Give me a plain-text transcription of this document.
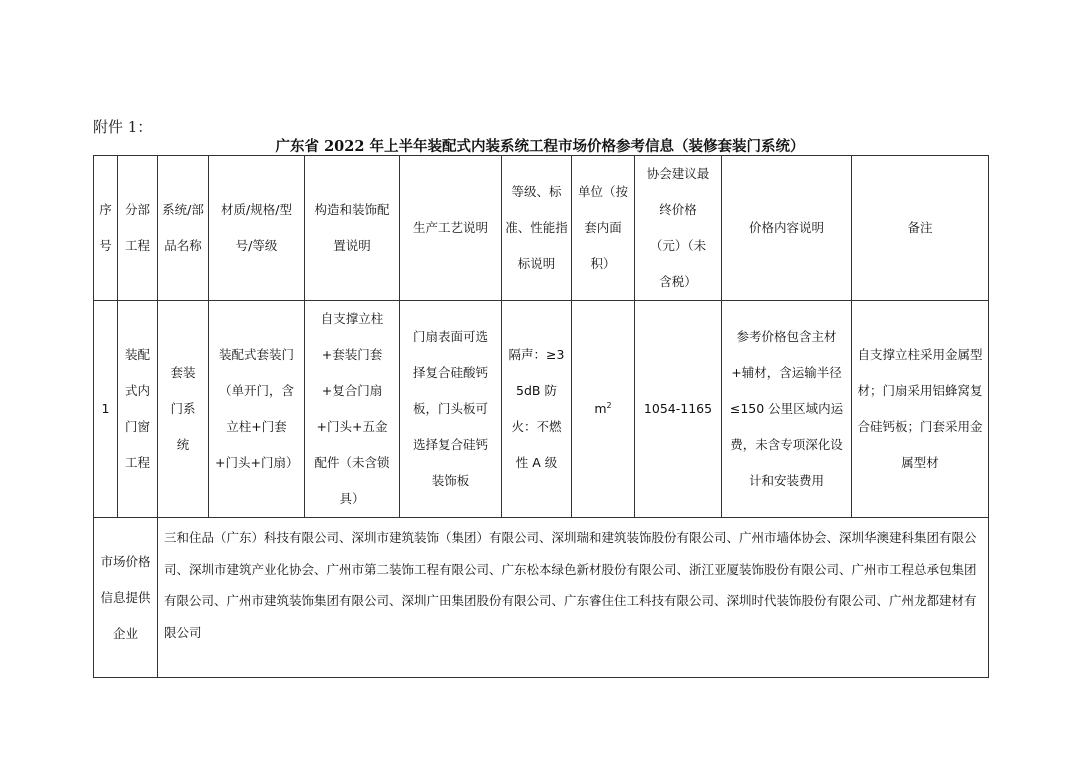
附件 1：
广东省 2022 年上半年装配式内装系统工程市场价格参考信息（装修套装门系统）
序号	分部工程	系统/部品名称	材质/规格/型号/等级	构造和装饰配置说明	生产工艺说明	等级、标准、性能指标说明	单位（按套内面积）	协会建议最终价格（元）（未含税）	价格内容说明	备注
1	装配式内门窗工程	套装门系统	装配式套装门（单开门，含立柱+门套+门头+门扇）	自支撑立柱+套装门套+复合门扇+门头+五金配件（未含锁具）	门扇表面可选择复合硅酸钙板，门头板可选择复合硅钙装饰板	隔声：≥35dB 防火：不燃性 A 级	$m^2$	1054-1165	参考价格包含主材+辅材，含运输半径≤150 公里区域内运费，未含专项深化设计和安装费用	自支撑立柱采用金属型材；门扇采用铝蜂窝复合硅钙板；门套采用金属型材
市场价格信息提供企业		三和住品（广东）科技有限公司、深圳市建筑装饰（集团）有限公司、深圳瑞和建筑装饰股份有限公司、广州市墙体协会、深圳华澳建科集团有限公司、深圳市建筑产业化协会、广州市第二装饰工程有限公司、广东松本绿色新材股份有限公司、浙江亚厦装饰股份有限公司、广州市工程总承包集团有限公司、广州市建筑装饰集团有限公司、深圳广田集团股份有限公司、广东睿住住工科技有限公司、深圳时代装饰股份有限公司、广州龙都建材有限公司								
